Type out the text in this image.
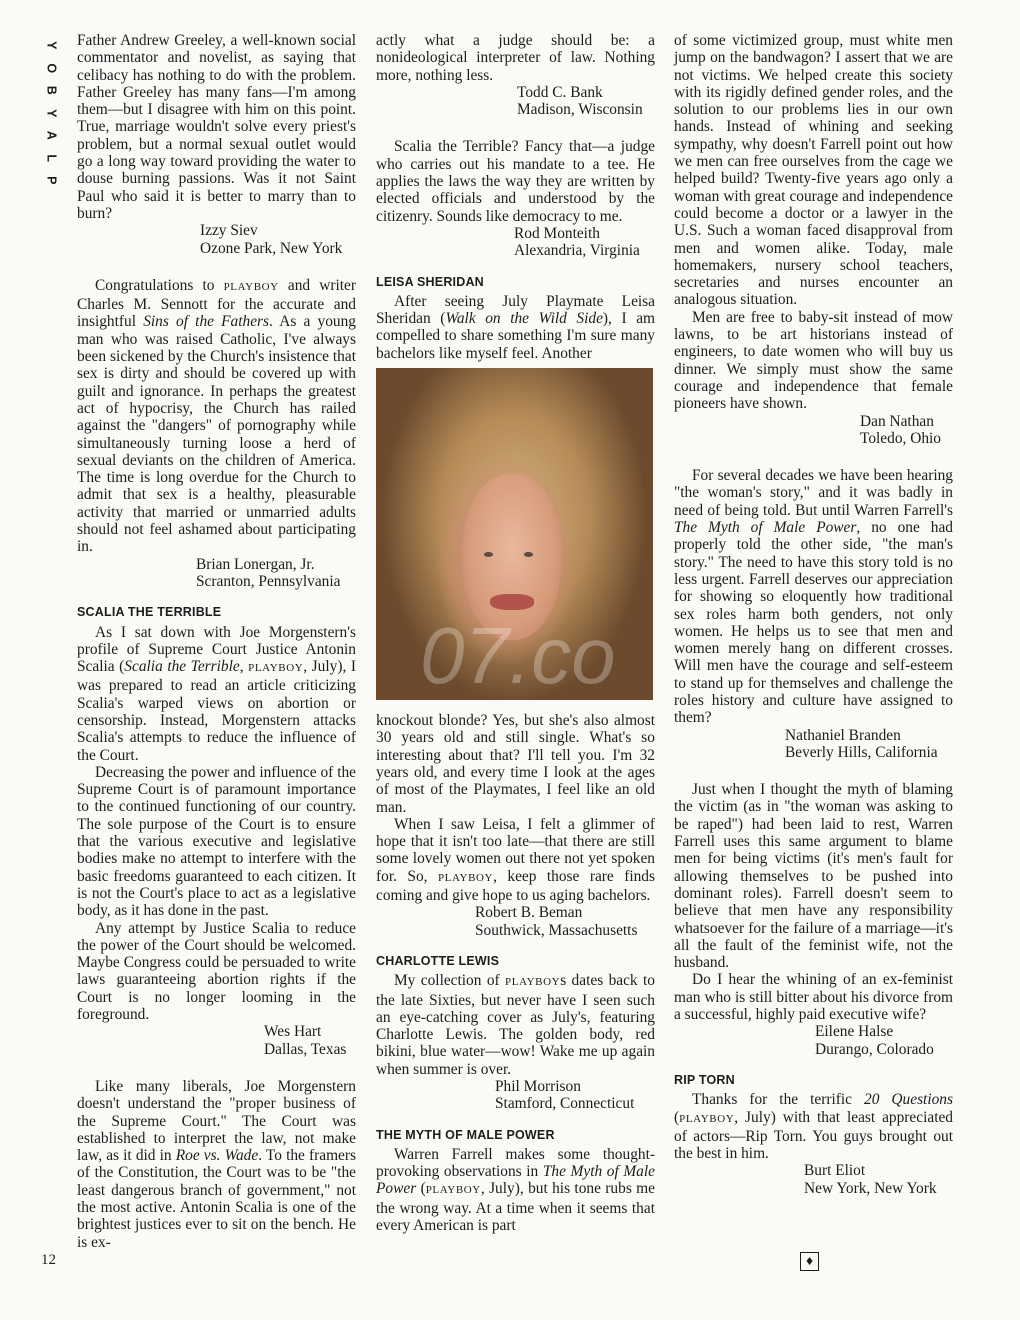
Y
O
B
Y
A
L
P

Father Andrew Greeley, a well-known social commentator and novelist, as saying that celibacy has nothing to do with the problem. Father Greeley has many fans—I'm among them—but I disagree with him on this point. True, marriage wouldn't solve every priest's problem, but a normal sexual outlet would go a long way toward providing the water to douse burning passions. Was it not Saint Paul who said it is better to marry than to burn?

Izzy Siev
Ozone Park, New York

Congratulations to PLAYBOY and writer Charles M. Sennott for the accurate and insightful Sins of the Fathers. As a young man who was raised Catholic, I've always been sickened by the Church's insistence that sex is dirty and should be covered up with guilt and ignorance. In perhaps the greatest act of hypocrisy, the Church has railed against the "dangers" of pornography while simultaneously turning loose a herd of sexual deviants on the children of America. The time is long overdue for the Church to admit that sex is a healthy, pleasurable activity that married or unmarried adults should not feel ashamed about participating in.

Brian Lonergan, Jr.
Scranton, Pennsylvania
SCALIA THE TERRIBLE

As I sat down with Joe Morgenstern's profile of Supreme Court Justice Antonin Scalia (Scalia the Terrible, PLAYBOY, July), I was prepared to read an article criticizing Scalia's warped views on abortion or censorship. Instead, Morgenstern attacks Scalia's attempts to reduce the influence of the Court.

Decreasing the power and influence of the Supreme Court is of paramount importance to the continued functioning of our country. The sole purpose of the Court is to ensure that the various executive and legislative bodies make no attempt to interfere with the basic freedoms guaranteed to each citizen. It is not the Court's place to act as a legislative body, as it has done in the past.

Any attempt by Justice Scalia to reduce the power of the Court should be welcomed. Maybe Congress could be persuaded to write laws guaranteeing abortion rights if the Court is no longer looming in the foreground.

Wes Hart
Dallas, Texas

Like many liberals, Joe Morgenstern doesn't understand the "proper business of the Supreme Court." The Court was established to interpret the law, not make law, as it did in Roe vs. Wade. To the framers of the Constitution, the Court was to be "the least dangerous branch of government," not the most active. Antonin Scalia is one of the brightest justices ever to sit on the bench. He is ex-

12

actly what a judge should be: a nonideological interpreter of law. Nothing more, nothing less.

Todd C. Bank
Madison, Wisconsin

Scalia the Terrible? Fancy that—a judge who carries out his mandate to a tee. He applies the laws the way they are written by elected officials and understood by the citizenry. Sounds like democracy to me.

Rod Monteith
Alexandria, Virginia
LEISA SHERIDAN

After seeing July Playmate Leisa Sheridan (Walk on the Wild Side), I am compelled to share something I'm sure many bachelors like myself feel. Another

knockout blonde? Yes, but she's also almost 30 years old and still single. What's so interesting about that? I'll tell you. I'm 32 years old, and every time I look at the ages of most of the Playmates, I feel like an old man.

When I saw Leisa, I felt a glimmer of hope that it isn't too late—that there are still some lovely women out there not yet spoken for. So, PLAYBOY, keep those rare finds coming and give hope to us aging bachelors.

Robert B. Beman
Southwick, Massachusetts
CHARLOTTE LEWIS

My collection of PLAYBOYs dates back to the late Sixties, but never have I seen such an eye-catching cover as July's, featuring Charlotte Lewis. The golden body, red bikini, blue water—wow! Wake me up again when summer is over.

Phil Morrison
Stamford, Connecticut
THE MYTH OF MALE POWER

Warren Farrell makes some thought-provoking observations in The Myth of Male Power (PLAYBOY, July), but his tone rubs me the wrong way. At a time when it seems that every American is part

of some victimized group, must white men jump on the bandwagon? I assert that we are not victims. We helped create this society with its rigidly defined gender roles, and the solution to our problems lies in our own hands. Instead of whining and seeking sympathy, why doesn't Farrell point out how we men can free ourselves from the cage we helped build? Twenty-five years ago only a woman with great courage and independence could become a doctor or a lawyer in the U.S. Such a woman faced disapproval from men and women alike. Today, male homemakers, nursery school teachers, secretaries and nurses encounter an analogous situation.

Men are free to baby-sit instead of mow lawns, to be art historians instead of engineers, to date women who will buy us dinner. We simply must show the same courage and independence that female pioneers have shown.

Dan Nathan
Toledo, Ohio

For several decades we have been hearing "the woman's story," and it was badly in need of being told. But until Warren Farrell's The Myth of Male Power, no one had properly told the other side, "the man's story." The need to have this story told is no less urgent. Farrell deserves our appreciation for showing so eloquently how traditional sex roles harm both genders, not only women. He helps us to see that men and women merely hang on different crosses. Will men have the courage and self-esteem to stand up for themselves and challenge the roles history and culture have assigned to them?

Nathaniel Branden
Beverly Hills, California

Just when I thought the myth of blaming the victim (as in "the woman was asking to be raped") had been laid to rest, Warren Farrell uses this same argument to blame men for being victims (it's men's fault for allowing themselves to be pushed into dominant roles). Farrell doesn't seem to believe that men have any responsibility whatsoever for the failure of a marriage—it's all the fault of the feminist wife, not the husband.

Do I hear the whining of an ex-feminist man who is still bitter about his divorce from a successful, highly paid executive wife?

Eilene Halse
Durango, Colorado
RIP TORN

Thanks for the terrific 20 Questions (PLAYBOY, July) with that least appreciated of actors—Rip Torn. You guys brought out the best in him.

Burt Eliot
New York, New York
♦
07.co
